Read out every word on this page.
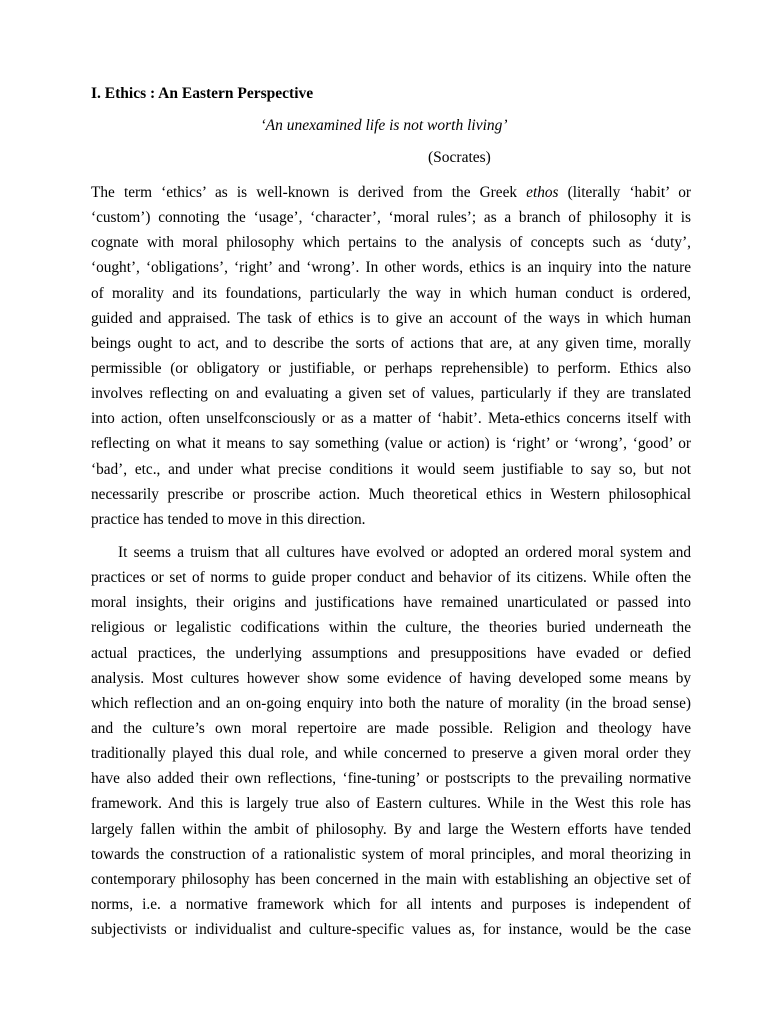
I. Ethics : An Eastern Perspective
‘An unexamined life is not worth living’
(Socrates)
The term ‘ethics’ as is well-known is derived from the Greek ethos (literally ‘habit’ or
‘custom’) connoting the ‘usage’, ‘character’, ‘moral rules’; as a branch of philosophy it is
cognate with moral philosophy which pertains to the analysis of concepts such as ‘duty’,
‘ought’, ‘obligations’, ‘right’ and ‘wrong’. In other words, ethics is an inquiry into the nature
of morality and its foundations, particularly the way in which human conduct is ordered,
guided and appraised. The task of ethics is to give an account of the ways in which human
beings ought to act, and to describe the sorts of actions that are, at any given time, morally
permissible (or obligatory or justifiable, or perhaps reprehensible) to perform. Ethics also
involves reflecting on and evaluating a given set of values, particularly if they are translated
into action, often unselfconsciously or as a matter of ‘habit’. Meta-ethics concerns itself with
reflecting on what it means to say something (value or action) is ‘right’ or ‘wrong’, ‘good’ or
‘bad’, etc., and under what precise conditions it would seem justifiable to say so, but not
necessarily prescribe or proscribe action. Much theoretical ethics in Western philosophical
practice has tended to move in this direction.
It seems a truism that all cultures have evolved or adopted an ordered moral system and
practices or set of norms to guide proper conduct and behavior of its citizens. While often the
moral insights, their origins and justifications have remained unarticulated or passed into
religious or legalistic codifications within the culture, the theories buried underneath the
actual practices, the underlying assumptions and presuppositions have evaded or defied
analysis. Most cultures however show some evidence of having developed some means by
which reflection and an on-going enquiry into both the nature of morality (in the broad sense)
and the culture’s own moral repertoire are made possible. Religion and theology have
traditionally played this dual role, and while concerned to preserve a given moral order they
have also added their own reflections, ‘fine-tuning’ or postscripts to the prevailing normative
framework. And this is largely true also of Eastern cultures. While in the West this role has
largely fallen within the ambit of philosophy. By and large the Western efforts have tended
towards the construction of a rationalistic system of moral principles, and moral theorizing in
contemporary philosophy has been concerned in the main with establishing an objective set of
norms, i.e. a normative framework which for all intents and purposes is independent of
subjectivists or individualist and culture-specific values as, for instance, would be the case
